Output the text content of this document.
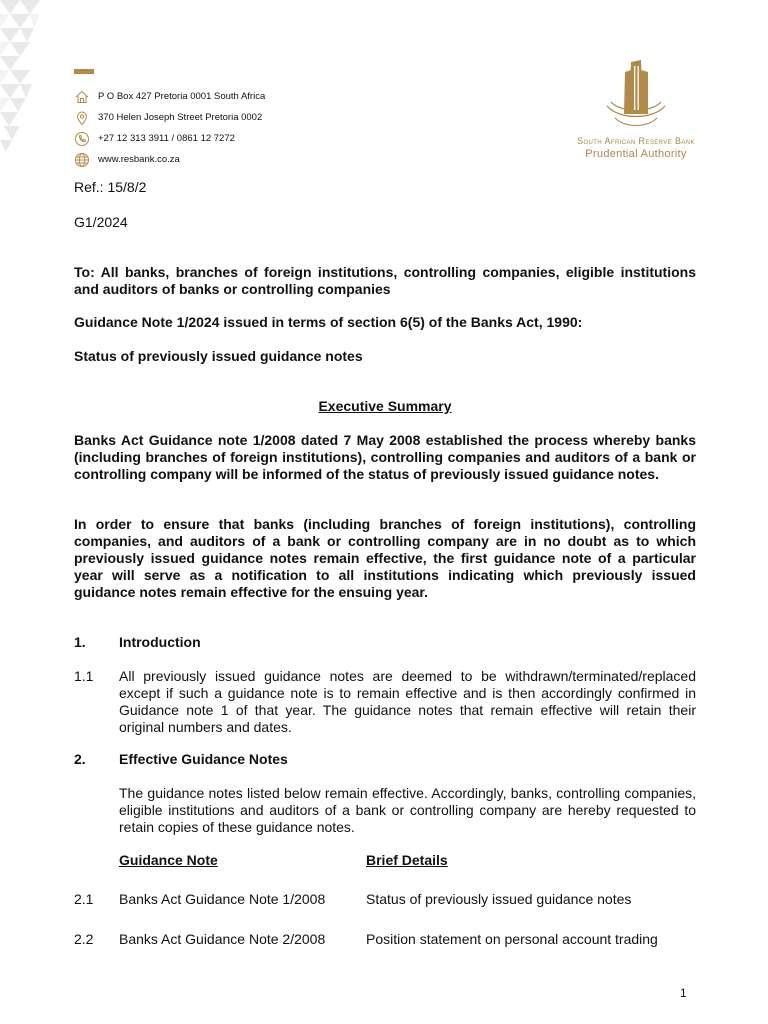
P O Box 427 Pretoria 0001 South Africa
370 Helen Joseph Street Pretoria 0002
+27 12 313 3911 / 0861 12 7272
www.resbank.co.za
South African Reserve Bank
Prudential Authority
Ref.: 15/8/2
G1/2024
To: All banks, branches of foreign institutions, controlling companies, eligible institutions and auditors of banks or controlling companies
Guidance Note 1/2024 issued in terms of section 6(5) of the Banks Act, 1990:
Status of previously issued guidance notes
Executive Summary
Banks Act Guidance note 1/2008 dated 7 May 2008 established the process whereby banks (including branches of foreign institutions), controlling companies and auditors of a bank or controlling company will be informed of the status of previously issued guidance notes.
In order to ensure that banks (including branches of foreign institutions), controlling companies, and auditors of a bank or controlling company are in no doubt as to which previously issued guidance notes remain effective, the first guidance note of a particular year will serve as a notification to all institutions indicating which previously issued guidance notes remain effective for the ensuing year.
1. Introduction
1.1 All previously issued guidance notes are deemed to be withdrawn/terminated/replaced except if such a guidance note is to remain effective and is then accordingly confirmed in Guidance note 1 of that year. The guidance notes that remain effective will retain their original numbers and dates.
2. Effective Guidance Notes
The guidance notes listed below remain effective. Accordingly, banks, controlling companies, eligible institutions and auditors of a bank or controlling company are hereby requested to retain copies of these guidance notes.
Guidance Note	Brief Details
2.1 Banks Act Guidance Note 1/2008	Status of previously issued guidance notes
2.2 Banks Act Guidance Note 2/2008	Position statement on personal account trading
1
